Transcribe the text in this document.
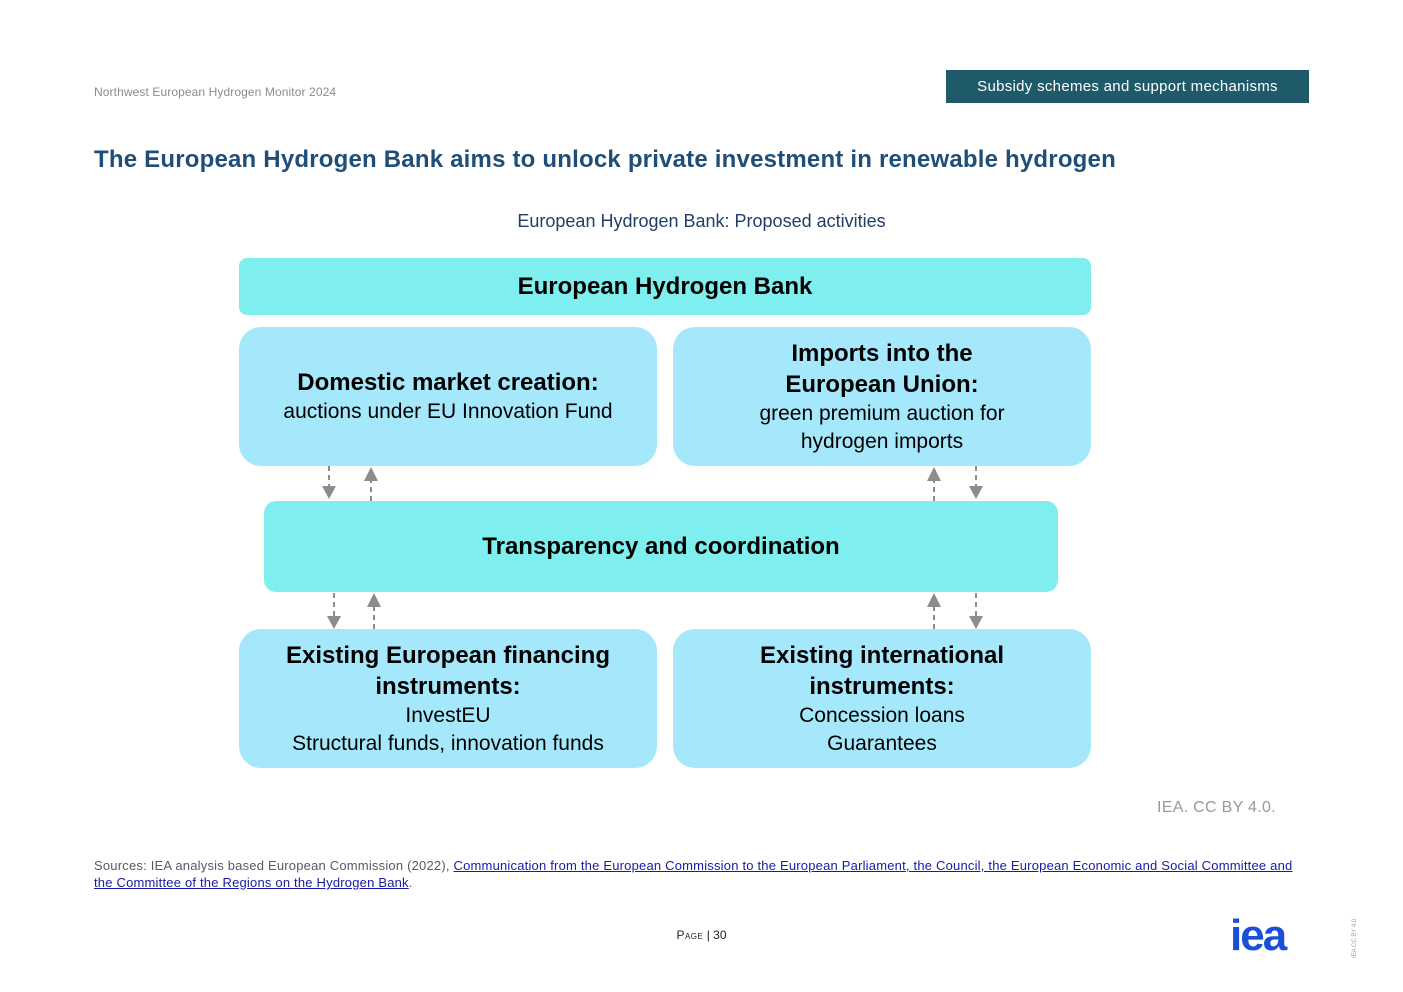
Northwest European Hydrogen Monitor 2024	Subsidy schemes and support mechanisms
The European Hydrogen Bank aims to unlock private investment in renewable hydrogen
European Hydrogen Bank: Proposed activities
European Hydrogen Bank
Domestic market creation:
auctions under EU Innovation Fund
Imports into the
European Union:
green premium auction for
hydrogen imports
Transparency and coordination
Existing European financing
instruments:
InvestEU
Structural funds, innovation funds
Existing international
instruments:
Concession loans
Guarantees
IEA. CC BY 4.0.
Sources: IEA analysis based European Commission (2022), Communication from the European Commission to the European Parliament, the Council, the European Economic and Social Committee and the Committee of the Regions on the Hydrogen Bank.
Page | 30	iea	IEA CC BY 4.0.
